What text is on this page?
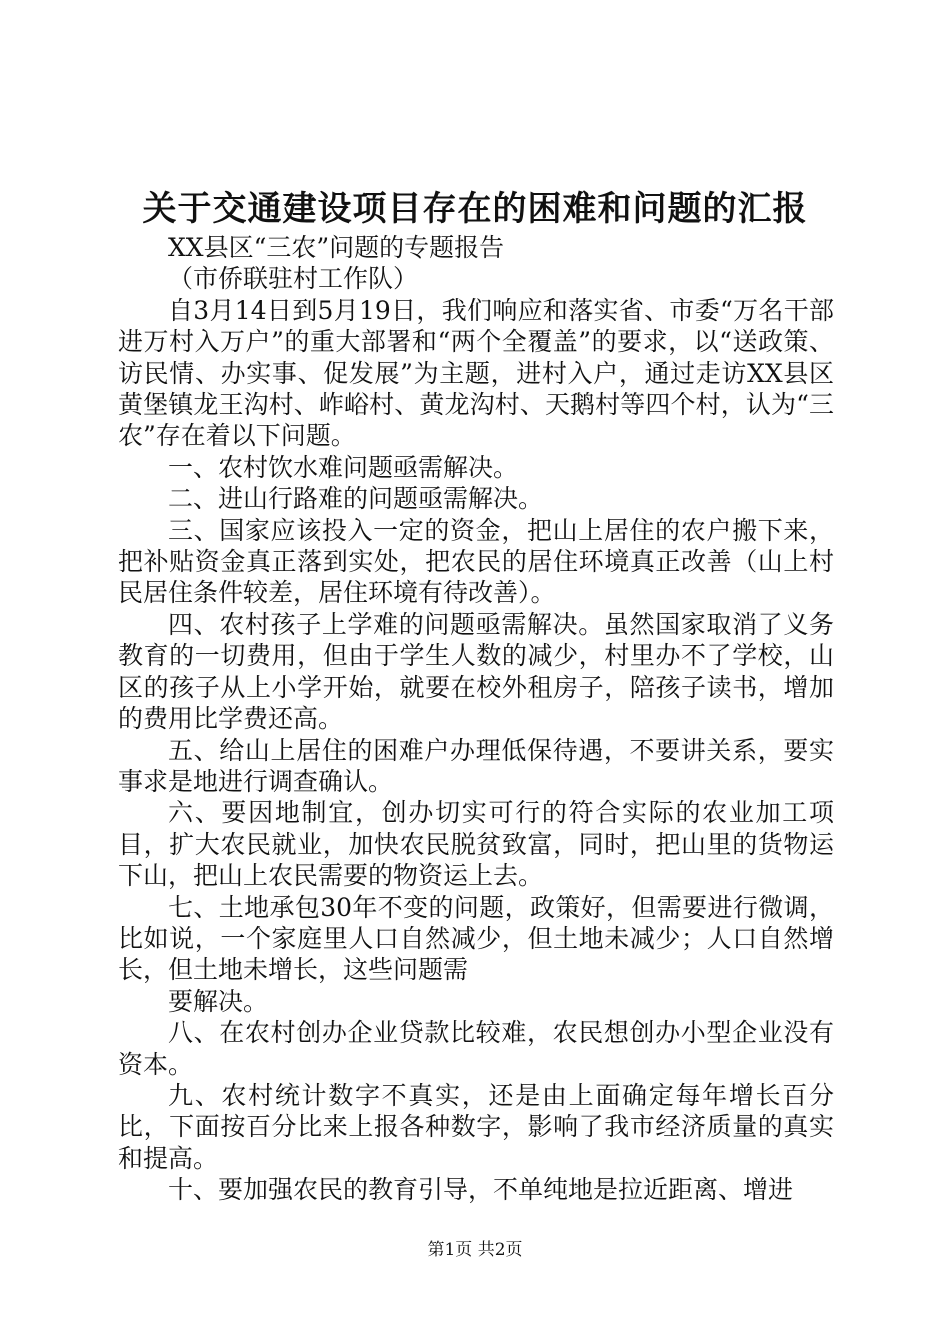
关于交通建设项目存在的困难和问题的汇报

XX县区“三农”问题的专题报告

（市侨联驻村工作队）

自3月14日到5月19日，我们响应和落实省、市委“万名干部进万村入万户”的重大部署和“两个全覆盖”的要求，以“送政策、访民情、办实事、促发展”为主题，进村入户，通过走访XX县区黄堡镇龙王沟村、岞峪村、黄龙沟村、天鹅村等四个村，认为“三农”存在着以下问题。

一、农村饮水难问题亟需解决。

二、进山行路难的问题亟需解决。

三、国家应该投入一定的资金，把山上居住的农户搬下来，把补贴资金真正落到实处，把农民的居住环境真正改善（山上村民居住条件较差，居住环境有待改善）。

四、农村孩子上学难的问题亟需解决。虽然国家取消了义务教育的一切费用，但由于学生人数的减少，村里办不了学校，山区的孩子从上小学开始，就要在校外租房子，陪孩子读书，增加的费用比学费还高。

五、给山上居住的困难户办理低保待遇，不要讲关系，要实事求是地进行调查确认。

六、要因地制宜，创办切实可行的符合实际的农业加工项目，扩大农民就业，加快农民脱贫致富，同时，把山里的货物运下山，把山上农民需要的物资运上去。

七、土地承包30年不变的问题，政策好，但需要进行微调，比如说，一个家庭里人口自然减少，但土地未减少；人口自然增长，但土地未增长，这些问题需

要解决。

八、在农村创办企业贷款比较难，农民想创办小型企业没有资本。

九、农村统计数字不真实，还是由上面确定每年增长百分比，下面按百分比来上报各种数字，影响了我市经济质量的真实和提高。

十、要加强农民的教育引导，不单纯地是拉近距离、增进

第1页 共2页
